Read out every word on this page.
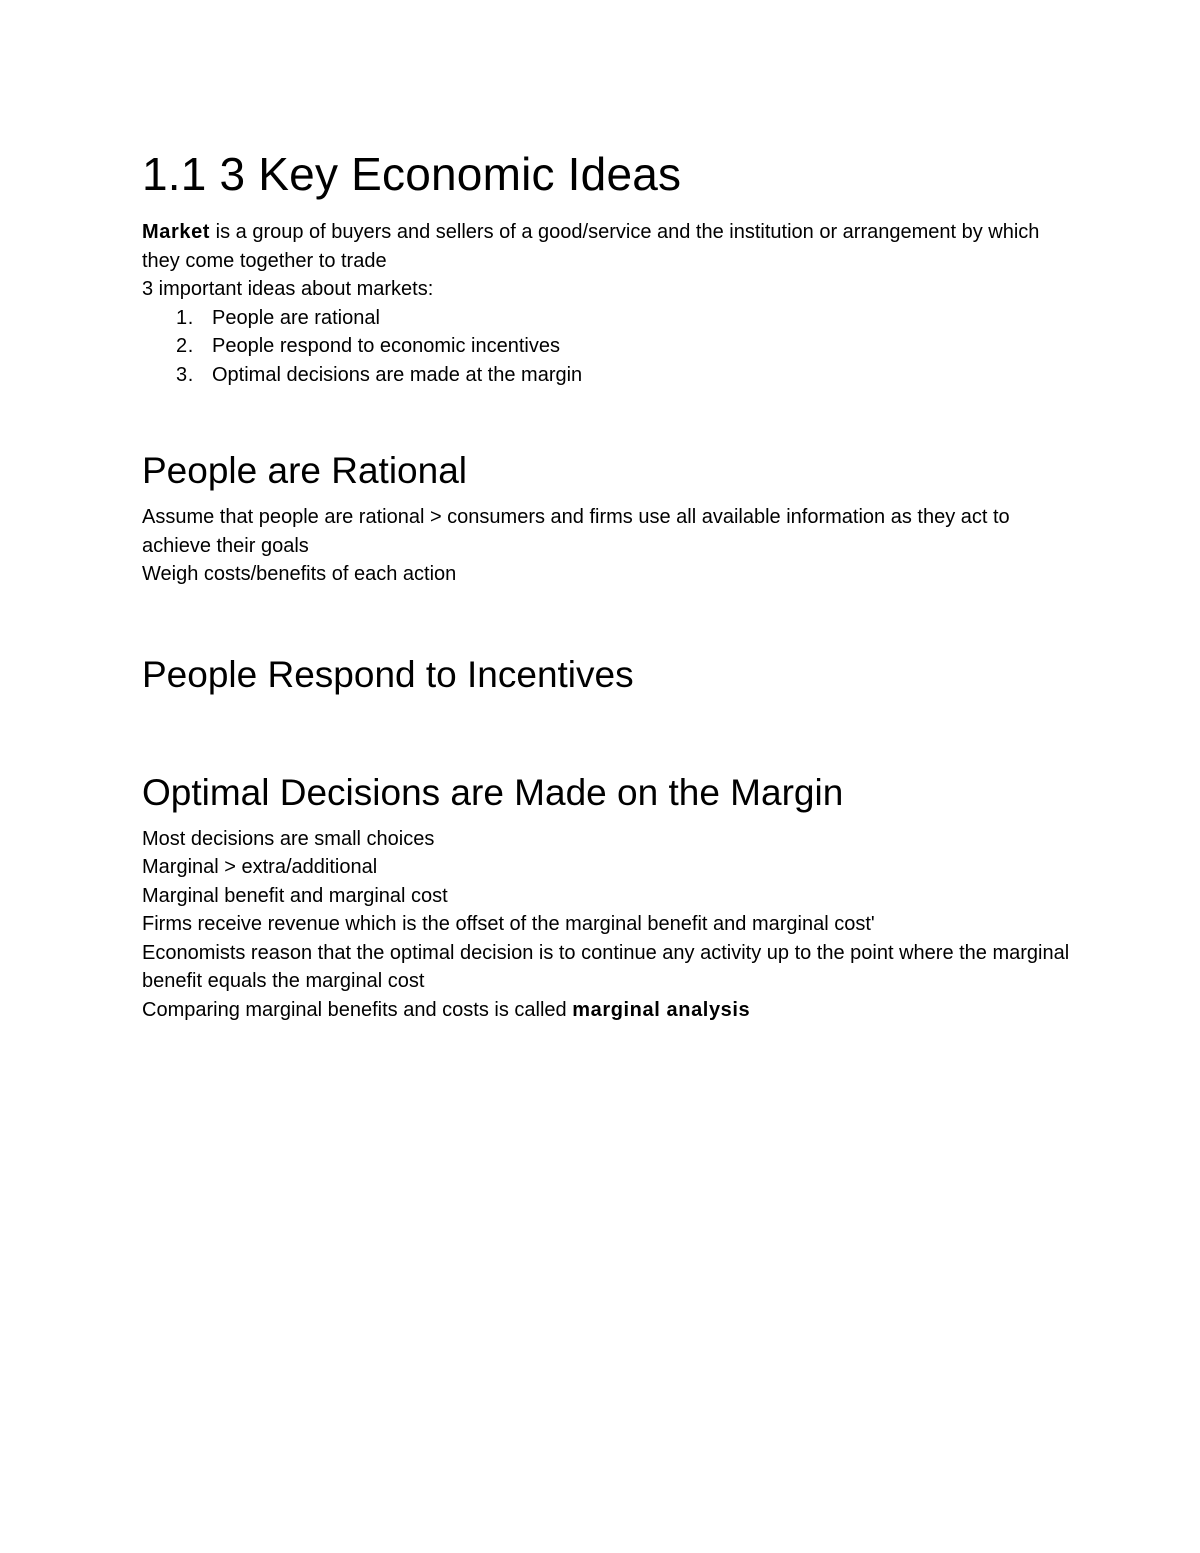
1.1 3 Key Economic Ideas

Market is a group of buyers and sellers of a good/service and the institution or arrangement by which they come together to trade

3 important ideas about markets:

1. People are rational
2. People respond to economic incentives
3. Optimal decisions are made at the margin
People are Rational

Assume that people are rational > consumers and firms use all available information as they act to achieve their goals

Weigh costs/benefits of each action

People Respond to Incentives
Optimal Decisions are Made on the Margin

Most decisions are small choices

Marginal > extra/additional

Marginal benefit and marginal cost

Firms receive revenue which is the offset of the marginal benefit and marginal cost'

Economists reason that the optimal decision is to continue any activity up to the point where the marginal benefit equals the marginal cost

Comparing marginal benefits and costs is called marginal analysis
